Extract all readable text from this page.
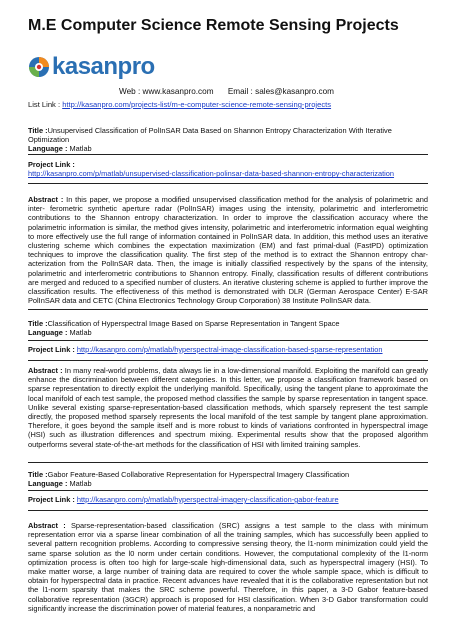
M.E Computer Science Remote Sensing Projects
kasanpro
Web : www.kasanpro.com Email : sales@kasanpro.com
List Link : http://kasanpro.com/projects-list/m-e-computer-science-remote-sensing-projects
Title :Unsupervised Classification of PolInSAR Data Based on Shannon Entropy Characterization With Iterative Optimization
Language : Matlab
Project Link :
http://kasanpro.com/p/matlab/unsupervised-classification-polinsar-data-based-shannon-entropy-characterization
Abstract : In this paper, we propose a modified unsupervised classification method for the analysis of polarimetric and inter- ferometric synthetic aperture radar (PolInSAR) images using the intensity, polarimetric and interferometric contributions to the Shannon entropy characterization. In order to improve the classification accuracy where the polarimetric information is similar, the method gives intensity, polarimetric and interferometric information equal weighting to more effectively use the full range of information contained in PolInSAR data. In addition, this method uses an iterative clustering scheme which combines the expectation maximization (EM) and fast primal-dual (FastPD) optimization techniques to improve the classification quality. The first step of the method is to extract the Shannon entropy char- acterization from the PolInSAR data. Then, the image is initially classified respectively by the spans of the intensity, polarimetric and interferometric contributions to Shannon entropy. Finally, classification results of different contributions are merged and reduced to a specified number of clusters. An iterative clustering scheme is applied to further improve the classification results. The effectiveness of this method is demonstrated with DLR (German Aerospace Center) E-SAR PolInSAR data and CETC (China Electronics Technology Group Corporation) 38 Institute PolInSAR data.
Title :Classification of Hyperspectral Image Based on Sparse Representation in Tangent Space
Language : Matlab
Project Link : http://kasanpro.com/p/matlab/hyperspectral-image-classification-based-sparse-representation
Abstract : In many real-world problems, data always lie in a low-dimensional manifold. Exploiting the manifold can greatly enhance the discrimination between different categories. In this letter, we propose a classification framework based on sparse representation to directly exploit the underlying manifold. Specifically, using the tangent plane to approximate the local manifold of each test sample, the proposed method classifies the sample by sparse representation in tangent space. Unlike several existing sparse-representation-based classification methods, which sparsely represent the test sample directly, the proposed method sparsely represents the local manifold of the test sample by tangent plane approximation. Therefore, it goes beyond the sample itself and is more robust to kinds of variations confronted in hyperspectral image (HSI) such as illustration differences and spectrum mixing. Experimental results show that the proposed algorithm outperforms several state-of-the-art methods for the classification of HSI with limited training samples.
Title :Gabor Feature-Based Collaborative Representation for Hyperspectral Imagery Classification
Language : Matlab
Project Link : http://kasanpro.com/p/matlab/hyperspectral-imagery-classification-gabor-feature
Abstract : Sparse-representation-based classification (SRC) assigns a test sample to the class with minimum representation error via a sparse linear combination of all the training samples, which has successfully been applied to several pattern recognition problems. According to compressive sensing theory, the l1-norm minimization could yield the same sparse solution as the l0 norm under certain conditions. However, the computational complexity of the l1-norm optimization process is often too high for large-scale high-dimensional data, such as hyperspectral imagery (HSI). To make matter worse, a large number of training data are required to cover the whole sample space, which is difficult to obtain for hyperspectral data in practice. Recent advances have revealed that it is the collaborative representation but not the l1-norm sparsity that makes the SRC scheme powerful. Therefore, in this paper, a 3-D Gabor feature-based collaborative representation (3GCR) approach is proposed for HSI classification. When 3-D Gabor transformation could significantly increase the discrimination power of material features, a nonparametric and
